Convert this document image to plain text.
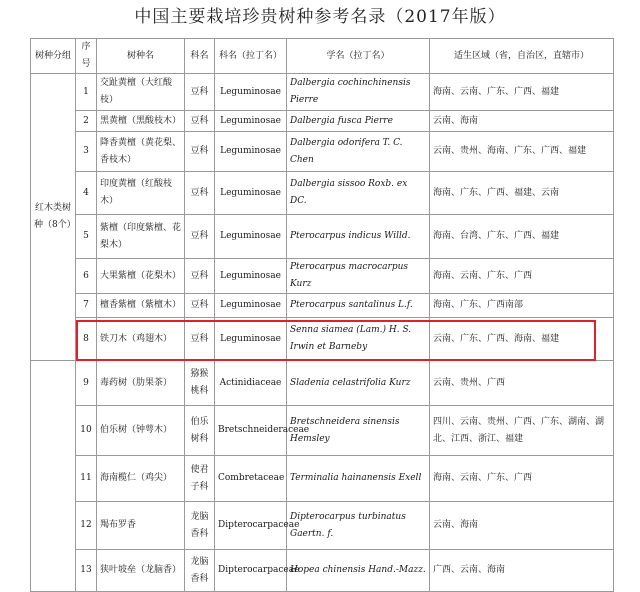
中国主要栽培珍贵树种参考名录（2017年版）
树种分组	序号	树种名	科名	科名（拉丁名）	学名（拉丁名）	适生区域（省，自治区，直辖市）
红木类树种（8个）	1	交趾黄檀（大红酸枝）	豆科	Leguminosae	Dalbergia cochinchinensis Pierre	海南、云南、广东、广西、福建
	2	黑黄檀（黑酸枝木）	豆科	Leguminosae	Dalbergia fusca Pierre	云南、海南
	3	降香黄檀（黄花梨、香枝木）	豆科	Leguminosae	Dalbergia odorifera T. C. Chen	云南、贵州、海南、广东、广西、福建
	4	印度黄檀（红酸枝木）	豆科	Leguminosae	Dalbergia sissoo Roxb. ex DC.	海南、广东、广西、福建、云南
	5	紫檀（印度紫檀、花梨木）	豆科	Leguminosae	Pterocarpus indicus Willd.	海南、台湾、广东、广西、福建
	6	大果紫檀（花梨木）	豆科	Leguminosae	Pterocarpus macrocarpus Kurz	海南、云南、广东、广西
	7	檀香紫檀（紫檀木）	豆科	Leguminosae	Pterocarpus santalinus L.f.	海南、广东、广西南部
	8	铁刀木（鸡翅木）	豆科	Leguminosae	Senna siamea (Lam.) H. S. Irwin et Barneby	云南、广东、广西、海南、福建
	9	毒药树（肋果茶）	猕猴桃科	Actinidiaceae	Sladenia celastrifolia Kurz	云南、贵州、广西
	10	伯乐树（钟萼木）	伯乐树科	Bretschneideraceae	Bretschneidera sinensis Hemsley	四川、云南、贵州、广西、广东、湖南、湖北、江西、浙江、福建
	11	海南榄仁（鸡尖）	使君子科	Combretaceae	Terminalia hainanensis Exell	海南、云南、广东、广西
	12	羯布罗香	龙脑香科	Dipterocarpaceae	Dipterocarpus turbinatus Gaertn. f.	云南、海南
	13	狭叶坡垒（龙脑香）	龙脑香科	Dipterocarpaceae	Hopea chinensis Hand.-Mazz.	广西、云南、海南
